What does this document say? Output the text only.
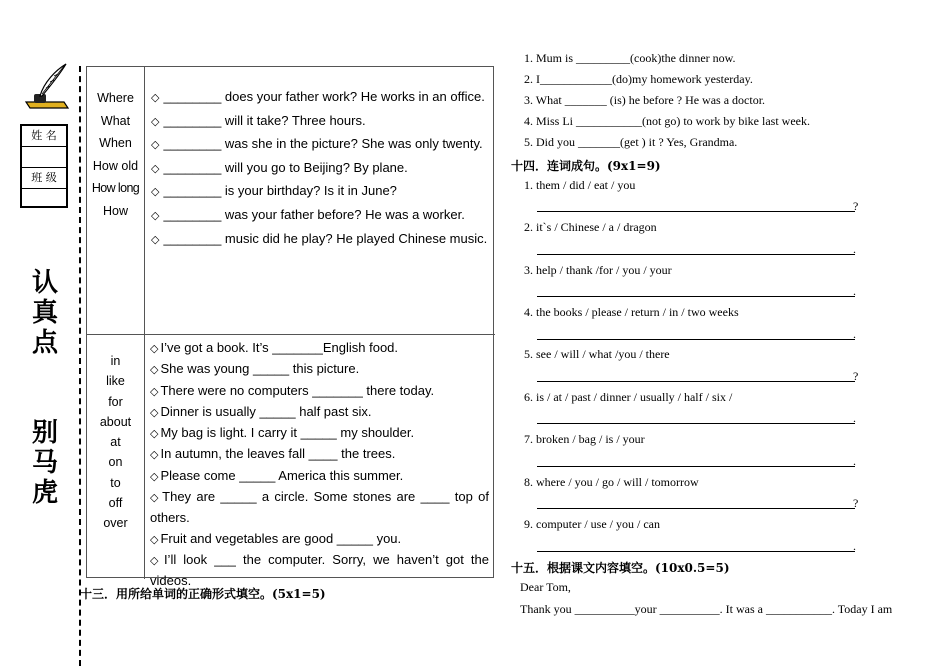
姓 名
班 级
认
真
点
别
马
虎
Where
What
When
How old
How long
How

◇ ________ does your father work? He works in an office.

◇ ________ will it take? Three hours.

◇ ________ was she in the picture? She was only twenty.

◇ ________ will you go to Beijing? By plane.

◇ ________ is your birthday? Is it in June?

◇ ________ was your father before? He was a worker.

◇ ________ music did he play? He played Chinese music.

in
like
for
about
at
on
to
off
over

◇ I’ve got a book. It’s _______English food.

◇ She was young _____ this picture.

◇ There were no computers _______ there today.

◇ Dinner is usually _____ half past six.

◇ My bag is light. I carry it _____ my shoulder.

◇ In autumn, the leaves fall ____ the trees.

◇ Please come _____ America this summer.

◇ They are _____ a circle. Some stones are ____ top of others.

◇ Fruit and vegetables are good _____ you.

◇ I’ll look ___ the computer. Sorry, we haven’t got the videos.

十三．用所给单词的正确形式填空。(5x1=5)
1. Mum is _________(cook)the dinner now.
2. I____________(do)my homework yesterday.
3. What _______ (is) he before ? He was a doctor.
4. Miss Li ___________(not go) to work by bike last week.
5. Did you _______(get ) it ? Yes, Grandma.
十四．连词成句。(9x1=9)
1. them / did / eat / you
?
2. it`s / Chinese / a / dragon
.
3. help / thank /for / you / your
.
4. the books / please / return / in / two weeks
.
5. see / will / what /you / there
?
6. is / at / past / dinner / usually / half / six /
.
7. broken / bag / is / your
.
8. where / you / go / will / tomorrow
?
9. computer / use / you / can
.
十五．根据课文内容填空。(10x0.5=5)
Dear Tom,
Thank you __________your __________. It was a ___________. Today I am
